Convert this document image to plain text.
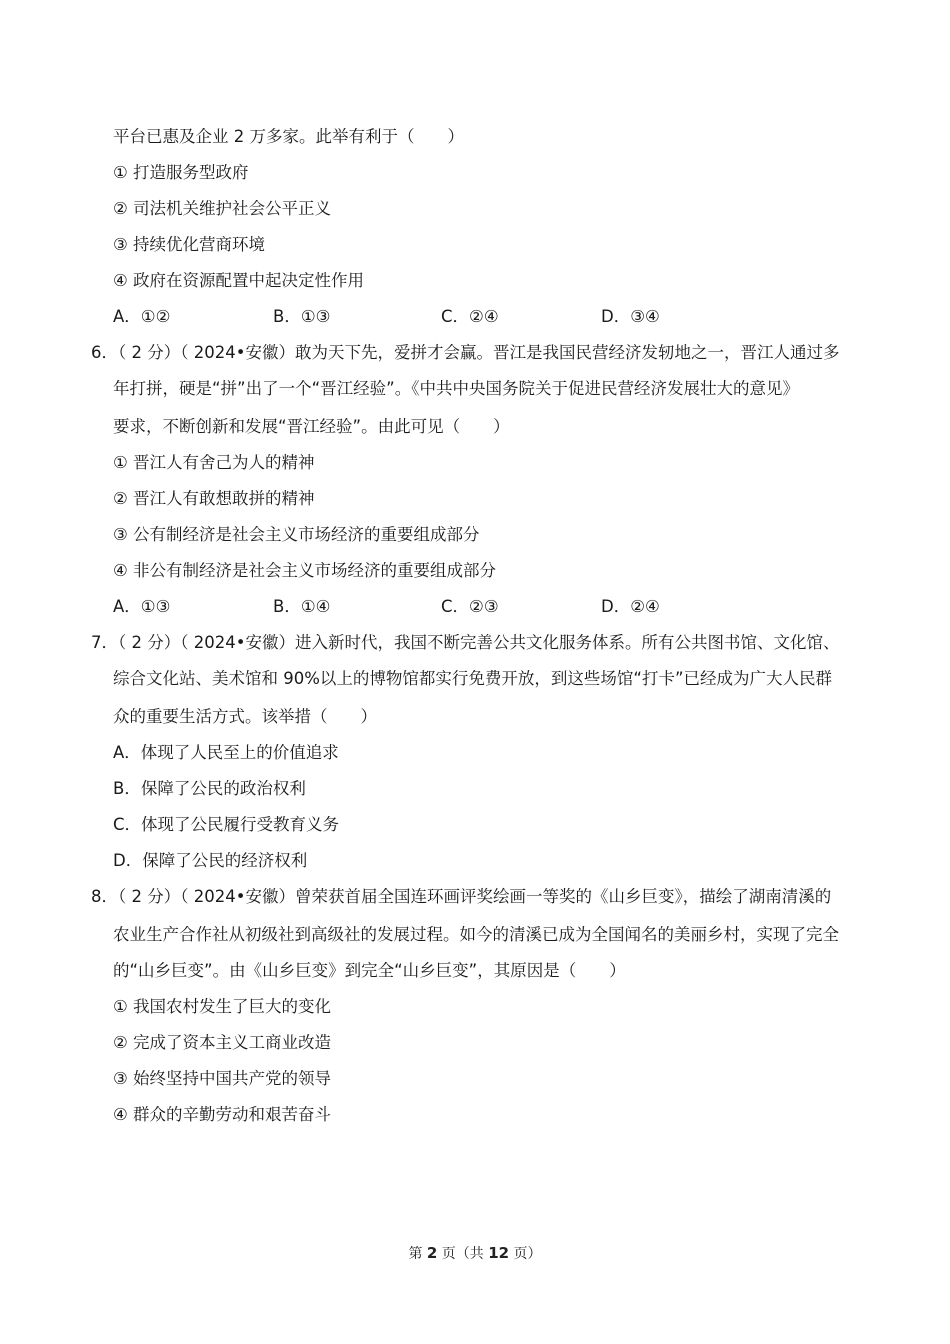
平台已惠及企业 2 万多家。此举有利于（　　）
① 打造服务型政府
② 司法机关维护社会公平正义
③ 持续优化营商环境
④ 政府在资源配置中起决定性作用
A．①②	B．①③	C．②④	D．③④
6．（ 2 分）（ 2024•安徽）敢为天下先，爱拼才会赢。晋江是我国民营经济发轫地之一，晋江人通过多
年打拼，硬是“拼”出了一个“晋江经验”。《中共中央国务院关于促进民营经济发展壮大的意见》
要求，不断创新和发展“晋江经验”。由此可见（　　）
① 晋江人有舍己为人的精神
② 晋江人有敢想敢拼的精神
③ 公有制经济是社会主义市场经济的重要组成部分
④ 非公有制经济是社会主义市场经济的重要组成部分
A．①③	B．①④	C．②③	D．②④
7．（ 2 分）（ 2024•安徽）进入新时代，我国不断完善公共文化服务体系。所有公共图书馆、文化馆、
综合文化站、美术馆和 90%以上的博物馆都实行免费开放，到这些场馆“打卡”已经成为广大人民群
众的重要生活方式。该举措（　　）
A．体现了人民至上的价值追求
B．保障了公民的政治权利
C．体现了公民履行受教育义务
D．保障了公民的经济权利
8．（ 2 分）（ 2024•安徽）曾荣获首届全国连环画评奖绘画一等奖的《山乡巨变》，描绘了湖南清溪的
农业生产合作社从初级社到高级社的发展过程。如今的清溪已成为全国闻名的美丽乡村，实现了完全
的“山乡巨变”。由《山乡巨变》到完全“山乡巨变”，其原因是（　　）
① 我国农村发生了巨大的变化
② 完成了资本主义工商业改造
③ 始终坚持中国共产党的领导
④ 群众的辛勤劳动和艰苦奋斗
第 2 页（共 12 页）
